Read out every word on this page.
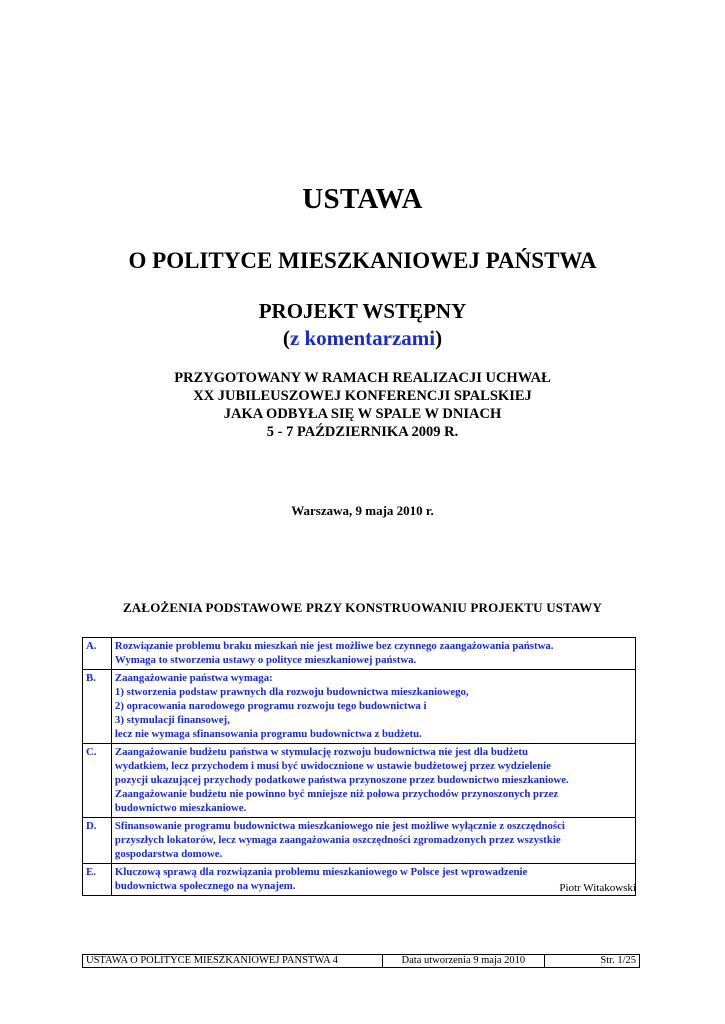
USTAWA
O POLITYCE MIESZKANIOWEJ PAŃSTWA
PROJEKT WSTĘPNY
(z komentarzami)
PRZYGOTOWANY W RAMACH REALIZACJI UCHWAŁ
XX JUBILEUSZOWEJ KONFERENCJI SPALSKIEJ
JAKA ODBYŁA SIĘ W SPALE W DNIACH
5 - 7 PAŹDZIERNIKA 2009 R.
Warszawa, 9 maja 2010 r.
ZAŁOŻENIA PODSTAWOWE PRZY KONSTRUOWANIU PROJEKTU USTAWY
A.	Rozwiązanie problemu braku mieszkań nie jest możliwe bez czynnego zaangażowania państwa.
Wymaga to stworzenia ustawy o polityce mieszkaniowej państwa.

B.	Zaangażowanie państwa wymaga:
1) stworzenia podstaw prawnych dla rozwoju budownictwa mieszkaniowego,
2) opracowania narodowego programu rozwoju tego budownictwa i
3) stymulacji finansowej,
lecz nie wymaga sfinansowania programu budownictwa z budżetu.

C.	Zaangażowanie budżetu państwa w stymulację rozwoju budownictwa nie jest dla budżetu
wydatkiem, lecz przychodem i musi być uwidocznione w ustawie budżetowej przez wydzielenie
pozycji ukazującej przychody podatkowe państwa przynoszone przez budownictwo mieszkaniowe.
Zaangażowanie budżetu nie powinno być mniejsze niż połowa przychodów przynoszonych przez
budownictwo mieszkaniowe.

D.	Sfinansowanie programu budownictwa mieszkaniowego nie jest możliwe wyłącznie z oszczędności
przyszłych lokatorów, lecz wymaga zaangażowania oszczędności zgromadzonych przez wszystkie
gospodarstwa domowe.

E.	Kluczową sprawą dla rozwiązania problemu mieszkaniowego w Polsce jest wprowadzenie
budownictwa społecznego na wynajem.	Piotr Witakowski
USTAWA O POLITYCE MIESZKANIOWEJ PAŃSTWA 4	Data utworzenia 9 maja 2010	Str. 1/25
